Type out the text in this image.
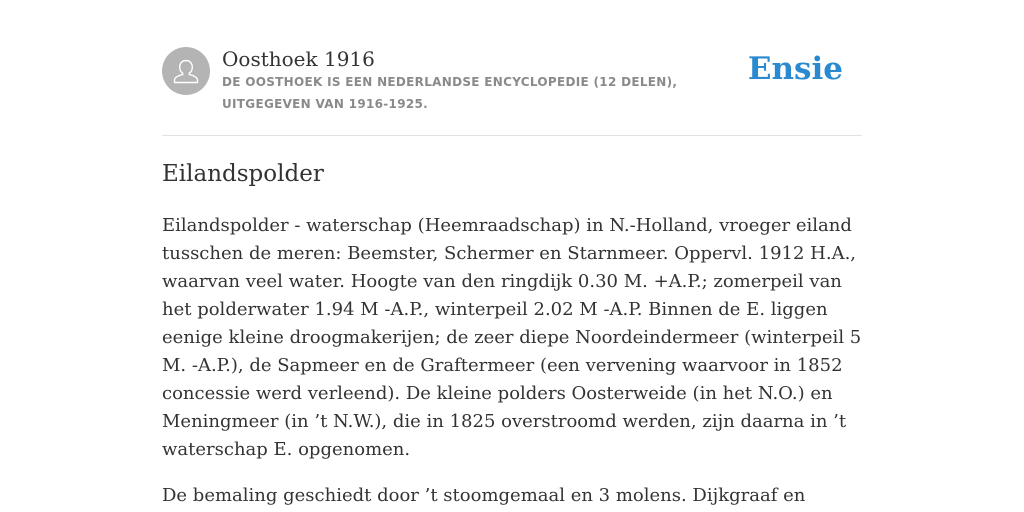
Oosthoek 1916

DE OOSTHOEK IS EEN NEDERLANDSE ENCYCLOPEDIE (12 DELEN), UITGEGEVEN VAN 1916-1925.

Ensie
Eilandspolder

Eilandspolder - waterschap (Heemraadschap) in N.-Holland, vroeger eiland tusschen de meren: Beemster, Schermer en Starnmeer. Oppervl. 1912 H.A., waarvan veel water. Hoogte van den ringdijk 0.30 M. +A.P.; zomerpeil van het polderwater 1.94 M -A.P., winterpeil 2.02 M -A.P. Binnen de E. liggen eenige kleine droogmakerijen; de zeer diepe Noordeindermeer (winterpeil 5 M. -A.P.), de Sapmeer en de Graftermeer (een vervening waarvoor in 1852 concessie werd verleend). De kleine polders Oosterweide (in het N.O.) en Meningmeer (in ’t N.W.), die in 1825 overstroomd werden, zijn daarna in ’t waterschap E. opgenomen.

De bemaling geschiedt door ’t stoomgemaal en 3 molens. Dijkgraaf en
